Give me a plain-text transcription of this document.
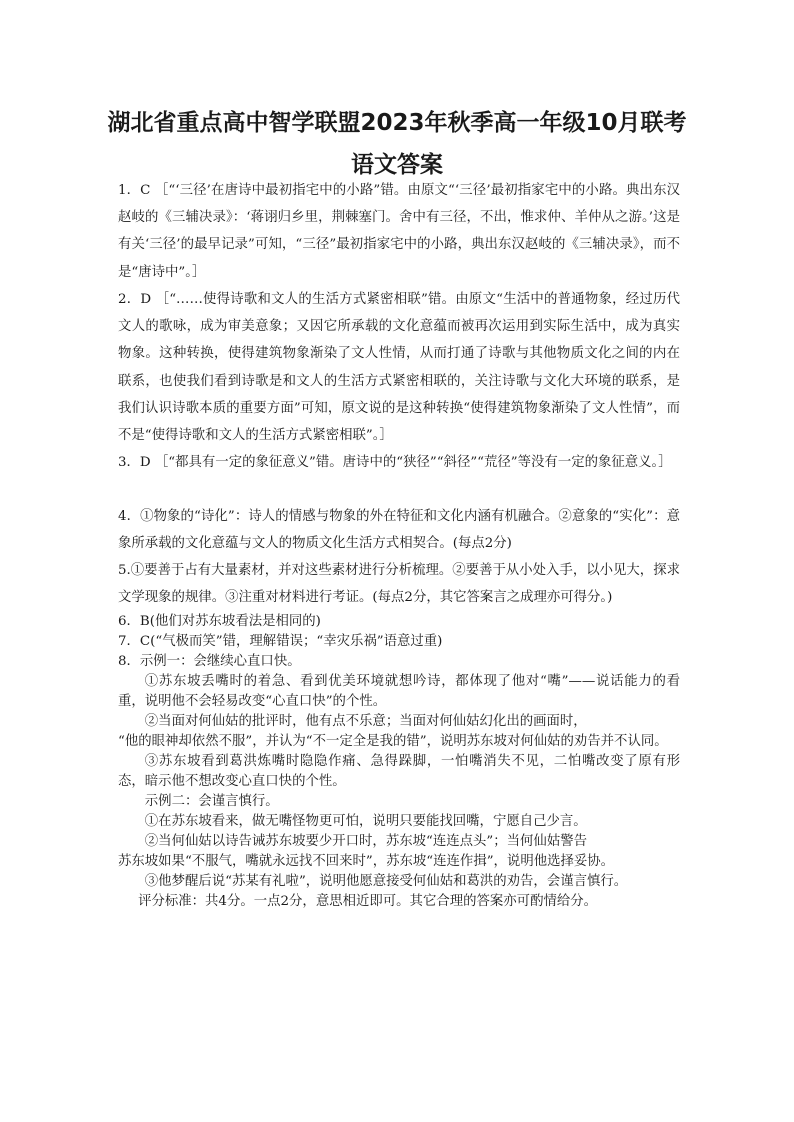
湖北省重点高中智学联盟2023年秋季高一年级10月联考
语文答案

1．C ［“‘三径’在唐诗中最初指宅中的小路”错。由原文“‘三径’最初指家宅中的小路。典出东汉赵岐的《三辅决录》：‘蒋诩归乡里，荆棘塞门。舍中有三径，不出，惟求仲、羊仲从之游。’这是有关‘三径’的最早记录”可知，“三径”最初指家宅中的小路，典出东汉赵岐的《三辅决录》，而不是“唐诗中”。］

2．D ［“……使得诗歌和文人的生活方式紧密相联”错。由原文“生活中的普通物象，经过历代文人的歌咏，成为审美意象；又因它所承载的文化意蕴而被再次运用到实际生活中，成为真实物象。这种转换，使得建筑物象渐染了文人性情，从而打通了诗歌与其他物质文化之间的内在联系，也使我们看到诗歌是和文人的生活方式紧密相联的，关注诗歌与文化大环境的联系，是我们认识诗歌本质的重要方面”可知，原文说的是这种转换“使得建筑物象渐染了文人性情”，而不是“使得诗歌和文人的生活方式紧密相联”。］

3．D ［“都具有一定的象征意义”错。唐诗中的“狭径”“斜径”“荒径”等没有一定的象征意义。］

4．①物象的“诗化”：诗人的情感与物象的外在特征和文化内涵有机融合。②意象的“实化”：意象所承载的文化意蕴与文人的物质文化生活方式相契合。(每点2分)

5.①要善于占有大量素材，并对这些素材进行分析梳理。②要善于从小处入手，以小见大，探求文学现象的规律。③注重对材料进行考证。(每点2分，其它答案言之成理亦可得分。)

6．B(他们对苏东坡看法是相同的)
7．C(“气极而笑”错，理解错误；“幸灾乐祸”语意过重)
8．示例一：会继续心直口快。
①苏东坡丢嘴时的着急、看到优美环境就想吟诗，都体现了他对“嘴”——说话能力的看重，说明他不会轻易改变“心直口快”的个性。
②当面对何仙姑的批评时，他有点不乐意；当面对何仙姑幻化出的画面时，
“他的眼神却依然不服”，并认为“不一定全是我的错”，说明苏东坡对何仙姑的劝告并不认同。
③苏东坡看到葛洪炼嘴时隐隐作痛、急得跺脚，一怕嘴消失不见，二怕嘴改变了原有形态，暗示他不想改变心直口快的个性。
示例二：会谨言慎行。
①在苏东坡看来，做无嘴怪物更可怕，说明只要能找回嘴，宁愿自己少言。
②当何仙姑以诗告诫苏东坡要少开口时，苏东坡“连连点头”；当何仙姑警告
苏东坡如果“不服气，嘴就永远找不回来时”，苏东坡“连连作揖”，说明他选择妥协。
③他梦醒后说“苏某有礼啦”，说明他愿意接受何仙姑和葛洪的劝告，会谨言慎行。
评分标准：共4分。一点2分，意思相近即可。其它合理的答案亦可酌情给分。
